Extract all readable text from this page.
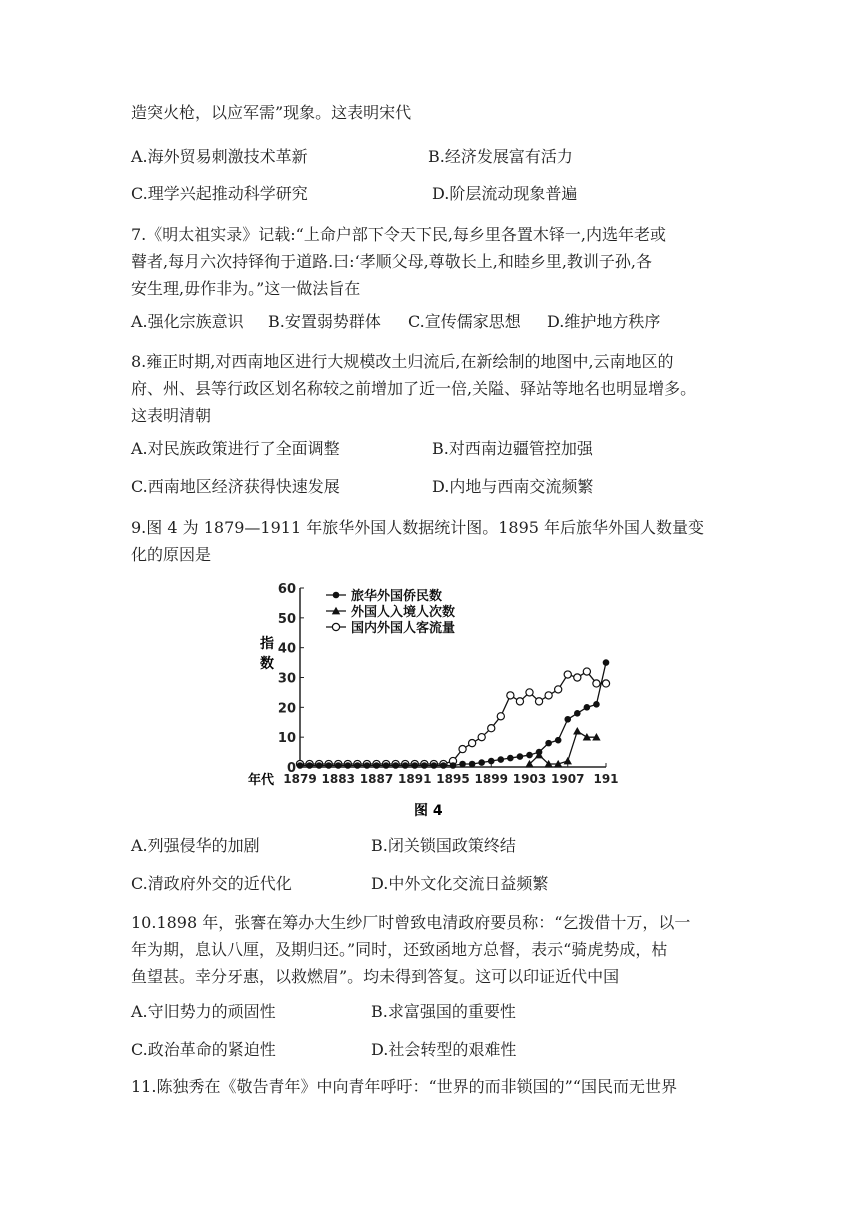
造突火枪，以应军需”现象。这表明宋代
A.海外贸易刺激技术革新	B.经济发展富有活力
C.理学兴起推动科学研究	D.阶层流动现象普遍
7.《明太祖实录》记载:“上命户部下令天下民,每乡里各置木铎一,内选年老或
瞽者,每月六次持铎徇于道路.曰:‘孝顺父母,尊敬长上,和睦乡里,教训子孙,各
安生理,毋作非为。”这一做法旨在
A.强化宗族意识 B.安置弱势群体 C.宣传儒家思想 D.维护地方秩序
8.雍正时期,对西南地区进行大规模改土归流后,在新绘制的地图中,云南地区的
府、州、县等行政区划名称较之前增加了近一倍,关隘、驿站等地名也明显增多。
这表明清朝
A.对民族政策进行了全面调整	B.对西南边疆管控加强
C.西南地区经济获得快速发展	D.内地与西南交流频繁
9.图 4 为 1879—1911 年旅华外国人数据统计图。1895 年后旅华外国人数量变
化的原因是
0
10
20
30
40
50
60
1879 1883 1887 1891 1895 1899 1903 1907 191
旅华外国侨民数
外国人入境人次数
国内外国人客流量
指
数
年代
图 4
A.列强侵华的加剧	B.闭关锁国政策终结
C.清政府外交的近代化	D.中外文化交流日益频繁
10.1898 年，张謇在筹办大生纱厂时曾致电清政府要员称：“乞拨借十万，以一
年为期，息认八厘，及期归还。”同时，还致函地方总督，表示“骑虎势成，枯
鱼望甚。幸分牙惠，以救燃眉”。均未得到答复。这可以印证近代中国
A.守旧势力的顽固性	B.求富强国的重要性
C.政治革命的紧迫性	D.社会转型的艰难性
11.陈独秀在《敬告青年》中向青年呼吁：“世界的而非锁国的”“国民而无世界
